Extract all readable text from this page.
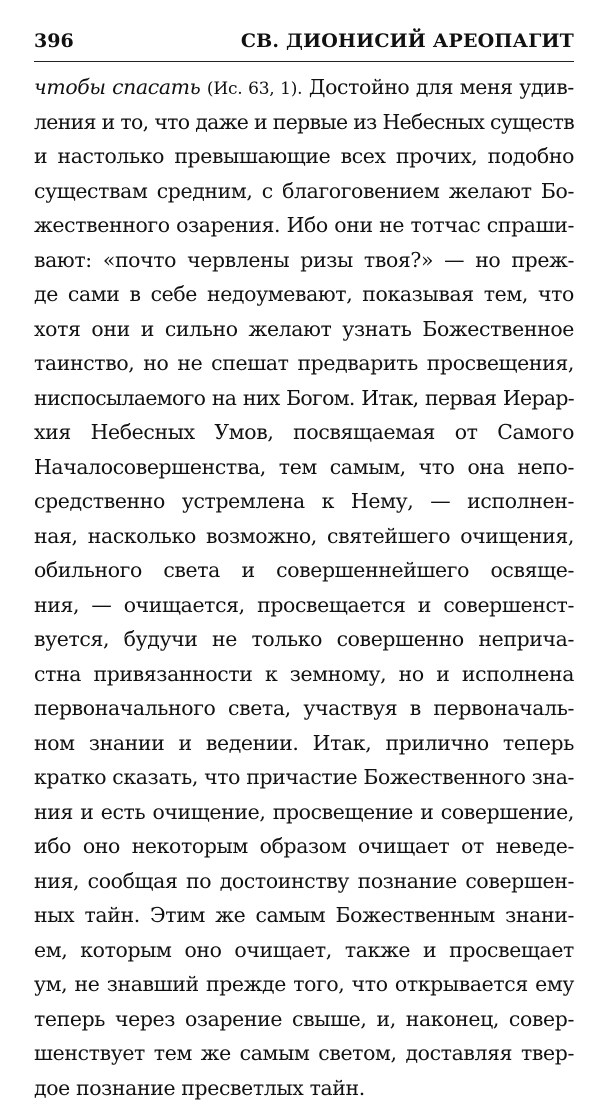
396	СВ. ДИОНИСИЙ АРЕОПАГИТ
чтобы спасать (Ис. 63, 1). Достойно для меня удив-
ления и то, что даже и первые из Небесных существ
и настолько превышающие всех прочих, подобно
существам средним, с благоговением желают Бо-
жественного озарения. Ибо они не тотчас спраши-
вают: «почто червлены ризы твоя?» — но преж-
де сами в себе недоумевают, показывая тем, что
хотя они и сильно желают узнать Божественное
таинство, но не спешат предварить просвещения,
ниспосылаемого на них Богом. Итак, первая Иерар-
хия Небесных Умов, посвящаемая от Самого
Началосовершенства, тем самым, что она непо-
средственно устремлена к Нему, — исполнен-
ная, насколько возможно, святейшего очищения,
обильного света и совершеннейшего освяще-
ния, — очищается, просвещается и совершенст-
вуется, будучи не только совершенно неприча-
стна привязанности к земному, но и исполнена
первоначального света, участвуя в первоначаль-
ном знании и ведении. Итак, прилично теперь
кратко сказать, что причастие Божественного зна-
ния и есть очищение, просвещение и совершение,
ибо оно некоторым образом очищает от неведе-
ния, сообщая по достоинству познание совершен-
ных тайн. Этим же самым Божественным знани-
ем, которым оно очищает, также и просвещает
ум, не знавший прежде того, что открывается ему
теперь через озарение свыше, и, наконец, совер-
шенствует тем же самым светом, доставляя твер-
дое познание пресветлых тайн.
